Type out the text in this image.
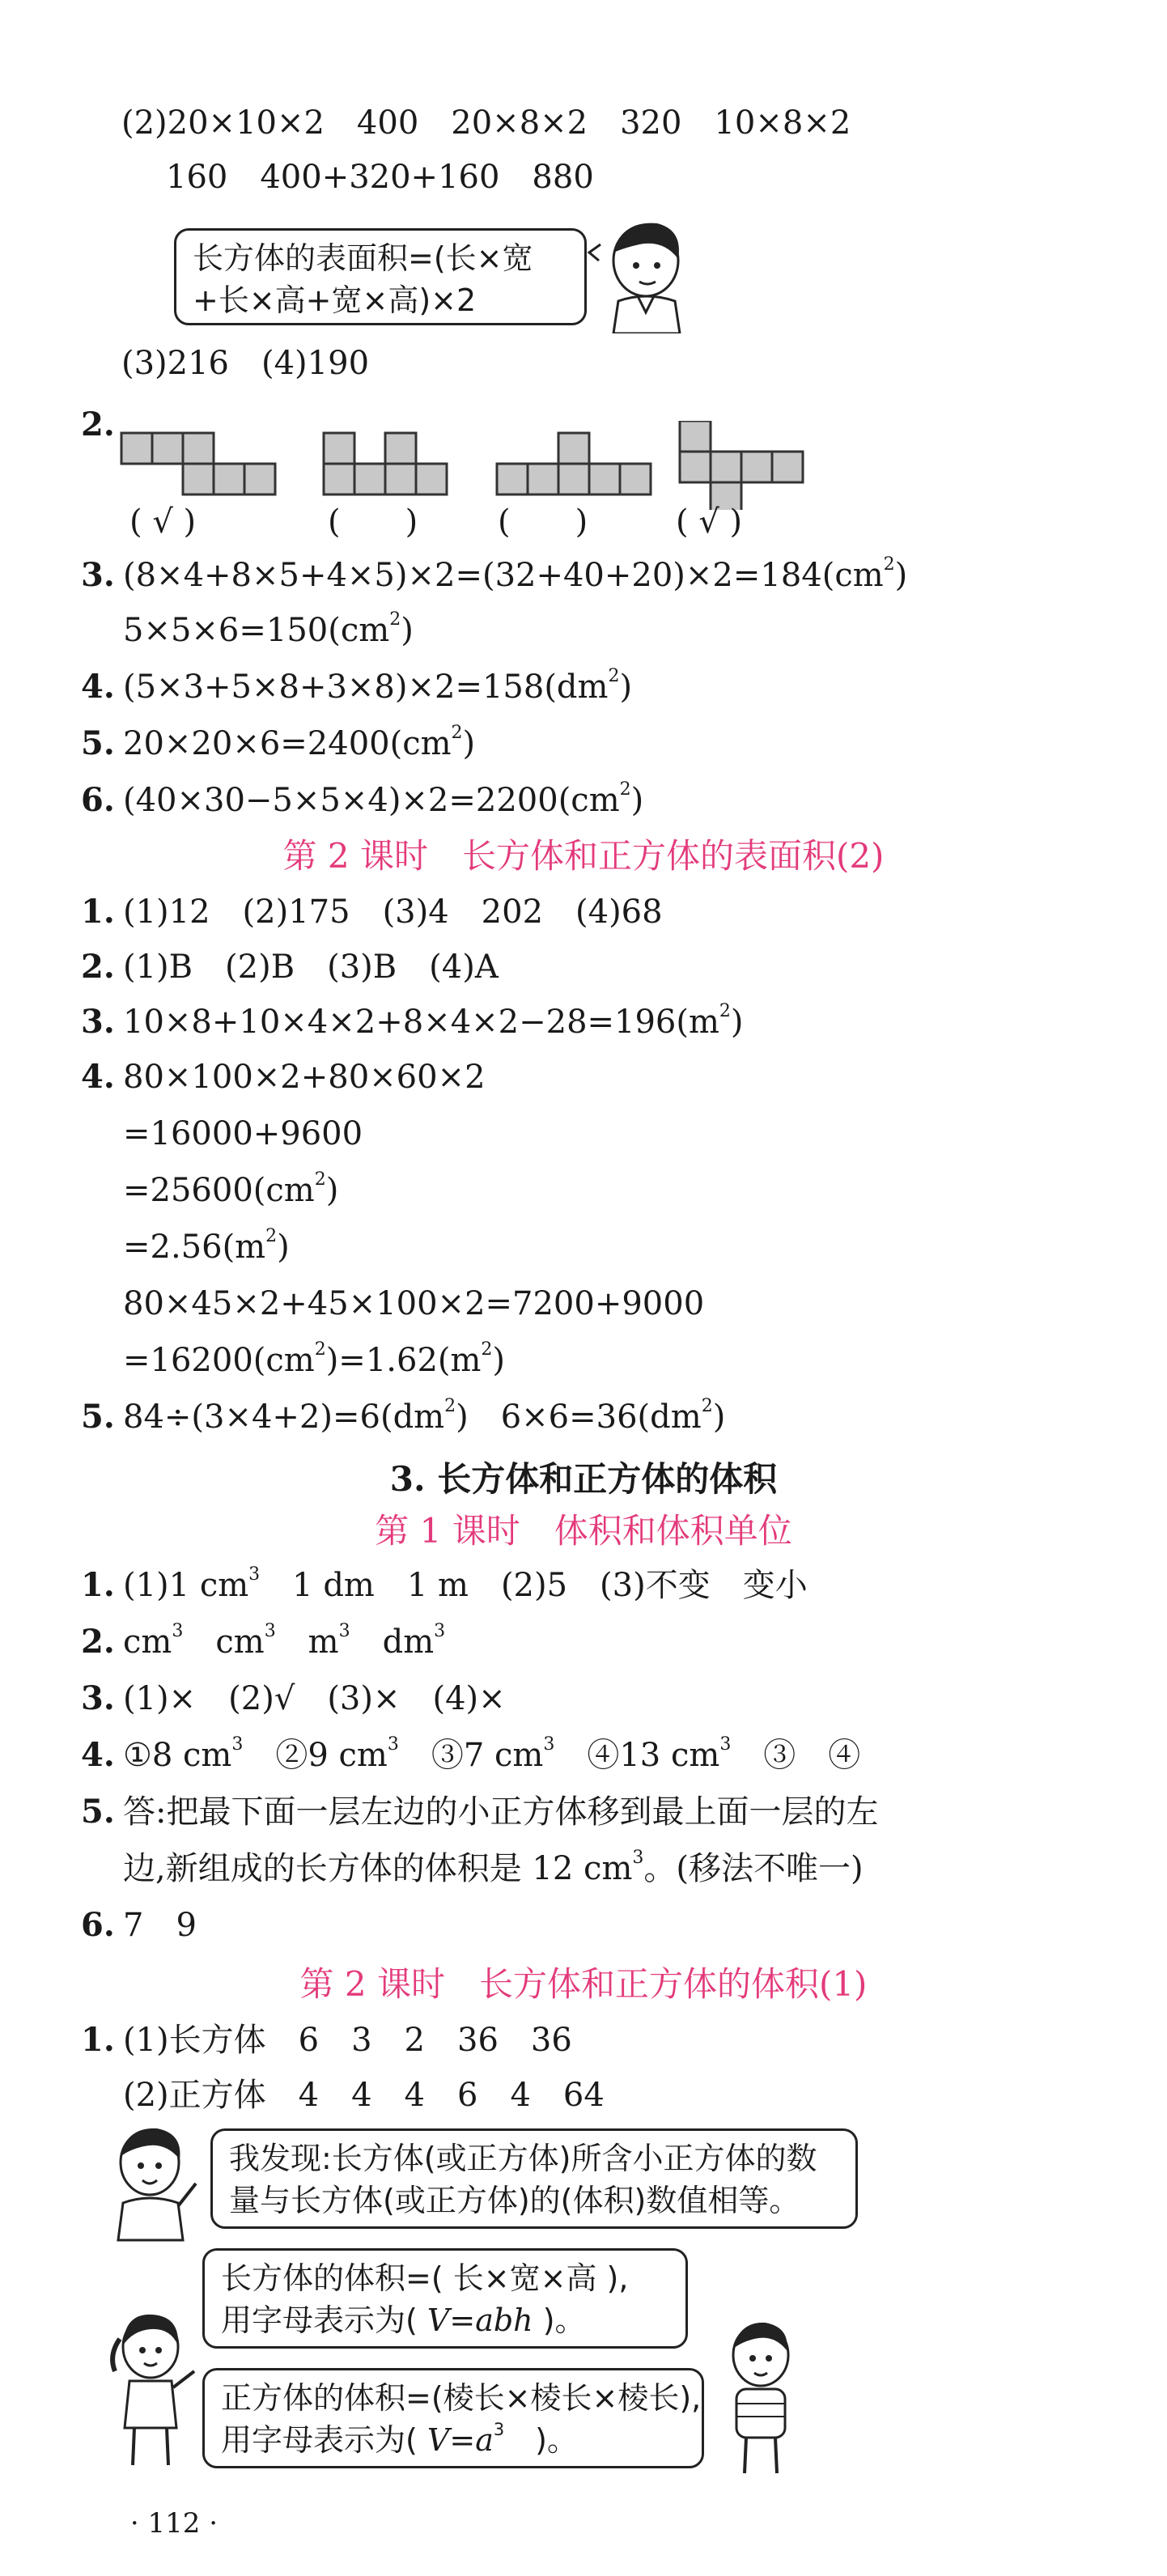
(2)20×10×2　400　20×8×2　320　10×8×2
160　400+320+160　880
长方体的表面积=(长×宽
+长×高+宽×高)×2
(3)216　(4)190
2.
( √ )	(　　) (　　)	( √ )
3. $(8\times 4+8\times 5+4\times 5)\times 2=(32+40+20)\times 2=184(cm^2)$
$5\times 5\times 6=150(cm^2)$
4. $(5\times 3+5\times 8+3\times 8)\times 2=158(dm^2)$
5. $20\times 20\times 6=2400(cm^2)$
6. $(40\times 30-5\times 5\times 4)\times 2=2200(cm^2)$
第 2 课时　长方体和正方体的表面积(2)
1. (1)12　(2)175　(3)4　202　(4)68
2. (1)B　(2)B　(3)B　(4)A
3. $10\times 8+10\times 4\times 2+8\times 4\times 2-28=196(m^2)$
4. 80×100×2+80×60×2
=16000+9600
$=25600(cm^2)$
$=2.56(m^2)$
80×45×2+45×100×2=7200+9000
$=16200(cm^2)=1.62(m^2)$
5. $84\div(3\times 4+2)=6(dm^2)$　$6\times 6=36(dm^2)$
3. 长方体和正方体的体积
第 1 课时　体积和体积单位
1. (1)1 $cm^3$　1 dm　1 m　(2)5　(3)不变　变小
2. $cm^3$　$cm^3$　$m^3$　$dm^3$
3. (1)×　(2)√　(3)×　(4)×
4. ①8 $cm^3$　②9 $cm^3$　③7 $cm^3$　④13 $cm^3$　③　④
5. 答:把最下面一层左边的小正方体移到最上面一层的左
边,新组成的长方体的体积是 12 $cm^3$。(移法不唯一)
6. 7　9
第 2 课时　长方体和正方体的体积(1)
1. (1)长方体　6　3　2　36　36
(2)正方体　4　4　4　6　4　64
我发现:长方体(或正方体)所含小正方体的数
量与长方体(或正方体)的(体积)数值相等。
长方体的体积=( 长×宽×高 ),
用字母表示为( V=abh )。
正方体的体积=(棱长×棱长×棱长),
用字母表示为( $V=a^3$　)。
· 112 ·
